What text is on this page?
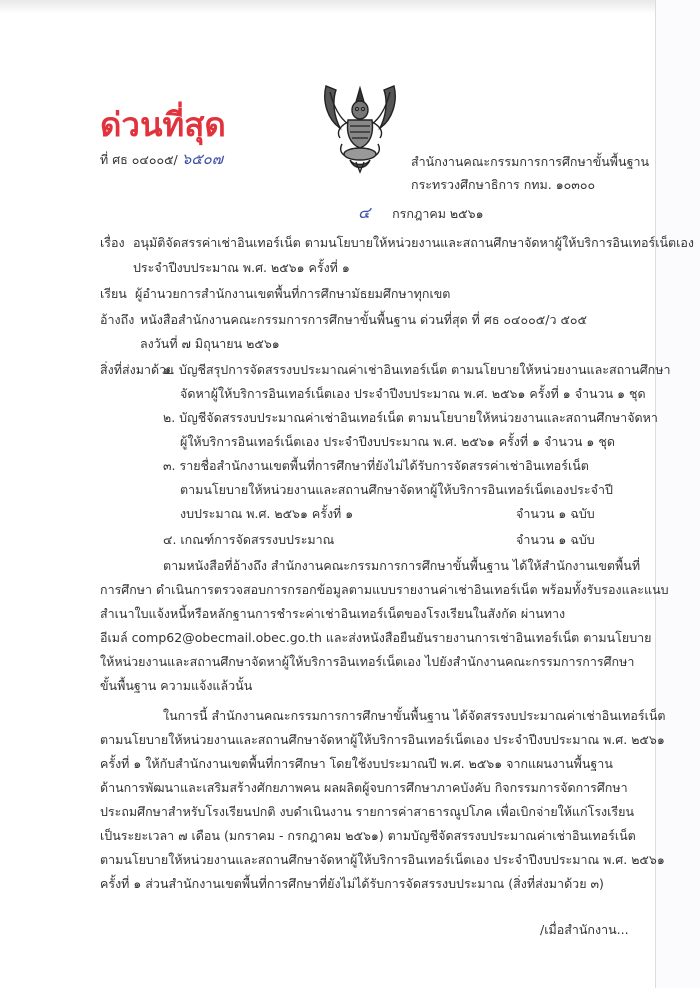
ด่วนที่สุด
ที่ ศธ ๐๔๐๐๕/ ๖๕๐๗	สำนักงานคณะกรรมการการศึกษาขั้นพื้นฐาน
กระทรวงศึกษาธิการ กทม. ๑๐๓๐๐
๔ กรกฎาคม ๒๕๖๑
เรื่อง อนุมัติจัดสรรค่าเช่าอินเทอร์เน็ต ตามนโยบายให้หน่วยงานและสถานศึกษาจัดหาผู้ให้บริการอินเทอร์เน็ตเอง
ประจำปีงบประมาณ พ.ศ. ๒๕๖๑ ครั้งที่ ๑
เรียน ผู้อำนวยการสำนักงานเขตพื้นที่การศึกษามัธยมศึกษาทุกเขต
อ้างถึง หนังสือสำนักงานคณะกรรมการการศึกษาขั้นพื้นฐาน ด่วนที่สุด ที่ ศธ ๐๔๐๐๕/ว ๕๐๕
ลงวันที่ ๗ มิถุนายน ๒๕๖๑
สิ่งที่ส่งมาด้วย
๑. บัญชีสรุปการจัดสรรงบประมาณค่าเช่าอินเทอร์เน็ต ตามนโยบายให้หน่วยงานและสถานศึกษา
จัดหาผู้ให้บริการอินเทอร์เน็ตเอง ประจำปีงบประมาณ พ.ศ. ๒๕๖๑ ครั้งที่ ๑ จำนวน ๑ ชุด
๒. บัญชีจัดสรรงบประมาณค่าเช่าอินเทอร์เน็ต ตามนโยบายให้หน่วยงานและสถานศึกษาจัดหา
ผู้ให้บริการอินเทอร์เน็ตเอง ประจำปีงบประมาณ พ.ศ. ๒๕๖๑ ครั้งที่ ๑ จำนวน ๑ ชุด
๓. รายชื่อสำนักงานเขตพื้นที่การศึกษาที่ยังไม่ได้รับการจัดสรรค่าเช่าอินเทอร์เน็ต
ตามนโยบายให้หน่วยงานและสถานศึกษาจัดหาผู้ให้บริการอินเทอร์เน็ตเองประจำปี
งบประมาณ พ.ศ. ๒๕๖๑ ครั้งที่ ๑	จำนวน ๑ ฉบับ
๔. เกณฑ์การจัดสรรงบประมาณ	จำนวน ๑ ฉบับ
ตามหนังสือที่อ้างถึง สำนักงานคณะกรรมการการศึกษาขั้นพื้นฐาน ได้ให้สำนักงานเขตพื้นที่
การศึกษา ดำเนินการตรวจสอบการกรอกข้อมูลตามแบบรายงานค่าเช่าอินเทอร์เน็ต พร้อมทั้งรับรองและแนบ
สำเนาใบแจ้งหนี้หรือหลักฐานการชำระค่าเช่าอินเทอร์เน็ตของโรงเรียนในสังกัด ผ่านทาง
อีเมล์ comp62@obecmail.obec.go.th และส่งหนังสือยืนยันรายงานการเช่าอินเทอร์เน็ต ตามนโยบาย
ให้หน่วยงานและสถานศึกษาจัดหาผู้ให้บริการอินเทอร์เน็ตเอง ไปยังสำนักงานคณะกรรมการการศึกษา
ขั้นพื้นฐาน ความแจ้งแล้วนั้น
ในการนี้ สำนักงานคณะกรรมการการศึกษาขั้นพื้นฐาน ได้จัดสรรงบประมาณค่าเช่าอินเทอร์เน็ต
ตามนโยบายให้หน่วยงานและสถานศึกษาจัดหาผู้ให้บริการอินเทอร์เน็ตเอง ประจำปีงบประมาณ พ.ศ. ๒๕๖๑
ครั้งที่ ๑ ให้กับสำนักงานเขตพื้นที่การศึกษา โดยใช้งบประมาณปี พ.ศ. ๒๕๖๑ จากแผนงานพื้นฐาน
ด้านการพัฒนาและเสริมสร้างศักยภาพคน ผลผลิตผู้จบการศึกษาภาคบังคับ กิจกรรมการจัดการศึกษา
ประถมศึกษาสำหรับโรงเรียนปกติ งบดำเนินงาน รายการค่าสาธารณูปโภค เพื่อเบิกจ่ายให้แก่โรงเรียน
เป็นระยะเวลา ๗ เดือน (มกราคม - กรกฎาคม ๒๕๖๑) ตามบัญชีจัดสรรงบประมาณค่าเช่าอินเทอร์เน็ต
ตามนโยบายให้หน่วยงานและสถานศึกษาจัดหาผู้ให้บริการอินเทอร์เน็ตเอง ประจำปีงบประมาณ พ.ศ. ๒๕๖๑
ครั้งที่ ๑ ส่วนสำนักงานเขตพื้นที่การศึกษาที่ยังไม่ได้รับการจัดสรรงบประมาณ (สิ่งที่ส่งมาด้วย ๓)
/เมื่อสำนักงาน...
